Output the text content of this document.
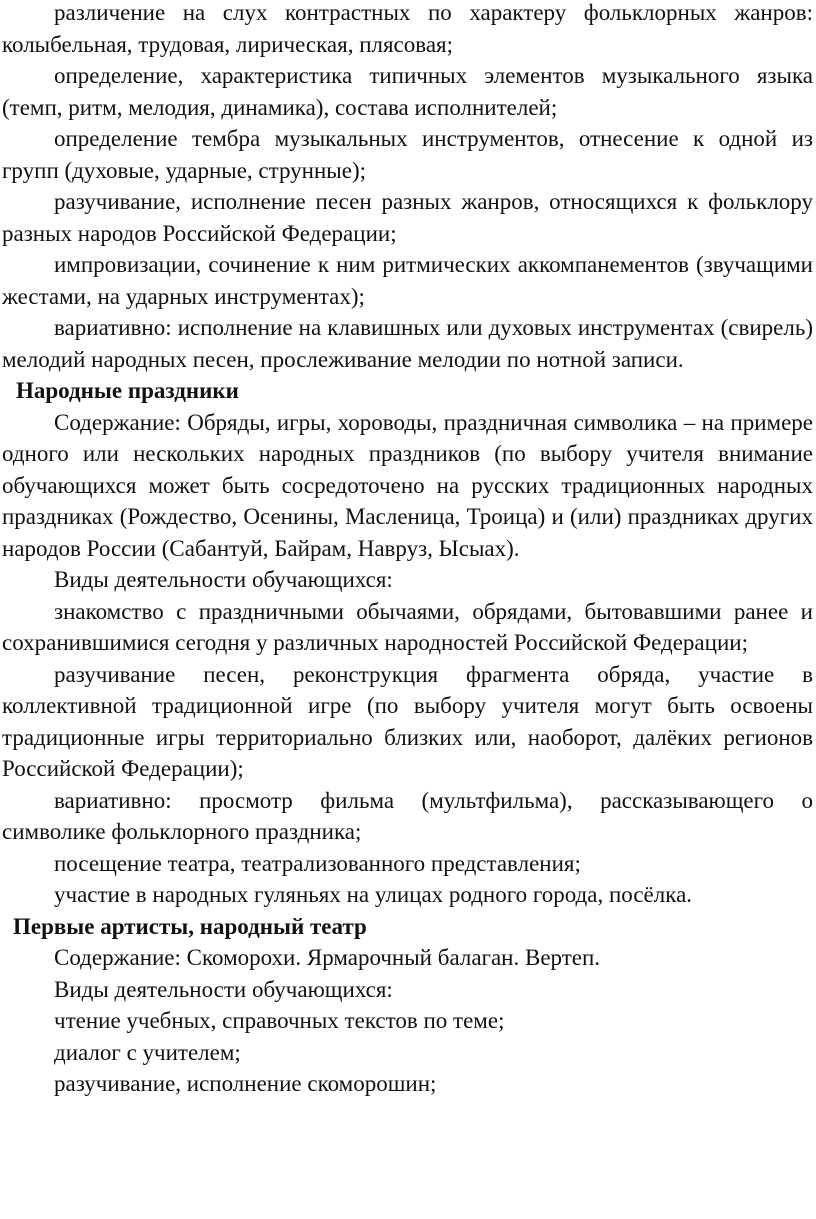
различение на слух контрастных по характеру фольклорных жанров: колыбельная, трудовая, лирическая, плясовая;

определение, характеристика типичных элементов музыкального языка (темп, ритм, мелодия, динамика), состава исполнителей;

определение тембра музыкальных инструментов, отнесение к одной из групп (духовые, ударные, струнные);

разучивание, исполнение песен разных жанров, относящихся к фольклору разных народов Российской Федерации;

импровизации, сочинение к ним ритмических аккомпанементов (звучащими жестами, на ударных инструментах);

вариативно: исполнение на клавишных или духовых инструментах (свирель) мелодий народных песен, прослеживание мелодии по нотной записи.

Народные праздники

Содержание: Обряды, игры, хороводы, праздничная символика – на примере одного или нескольких народных праздников (по выбору учителя внимание обучающихся может быть сосредоточено на русских традиционных народных праздниках (Рождество, Осенины, Масленица, Троица) и (или) праздниках других народов России (Сабантуй, Байрам, Навруз, Ысыах).

Виды деятельности обучающихся:

знакомство с праздничными обычаями, обрядами, бытовавшими ранее и сохранившимися сегодня у различных народностей Российской Федерации;

разучивание песен, реконструкция фрагмента обряда, участие в коллективной традиционной игре (по выбору учителя могут быть освоены традиционные игры территориально близких или, наоборот, далёких регионов Российской Федерации);

вариативно: просмотр фильма (мультфильма), рассказывающего о символике фольклорного праздника;

посещение театра, театрализованного представления;

участие в народных гуляньях на улицах родного города, посёлка.

Первые артисты, народный театр

Содержание: Скоморохи. Ярмарочный балаган. Вертеп.

Виды деятельности обучающихся:

чтение учебных, справочных текстов по теме;

диалог с учителем;

разучивание, исполнение скоморошин;
